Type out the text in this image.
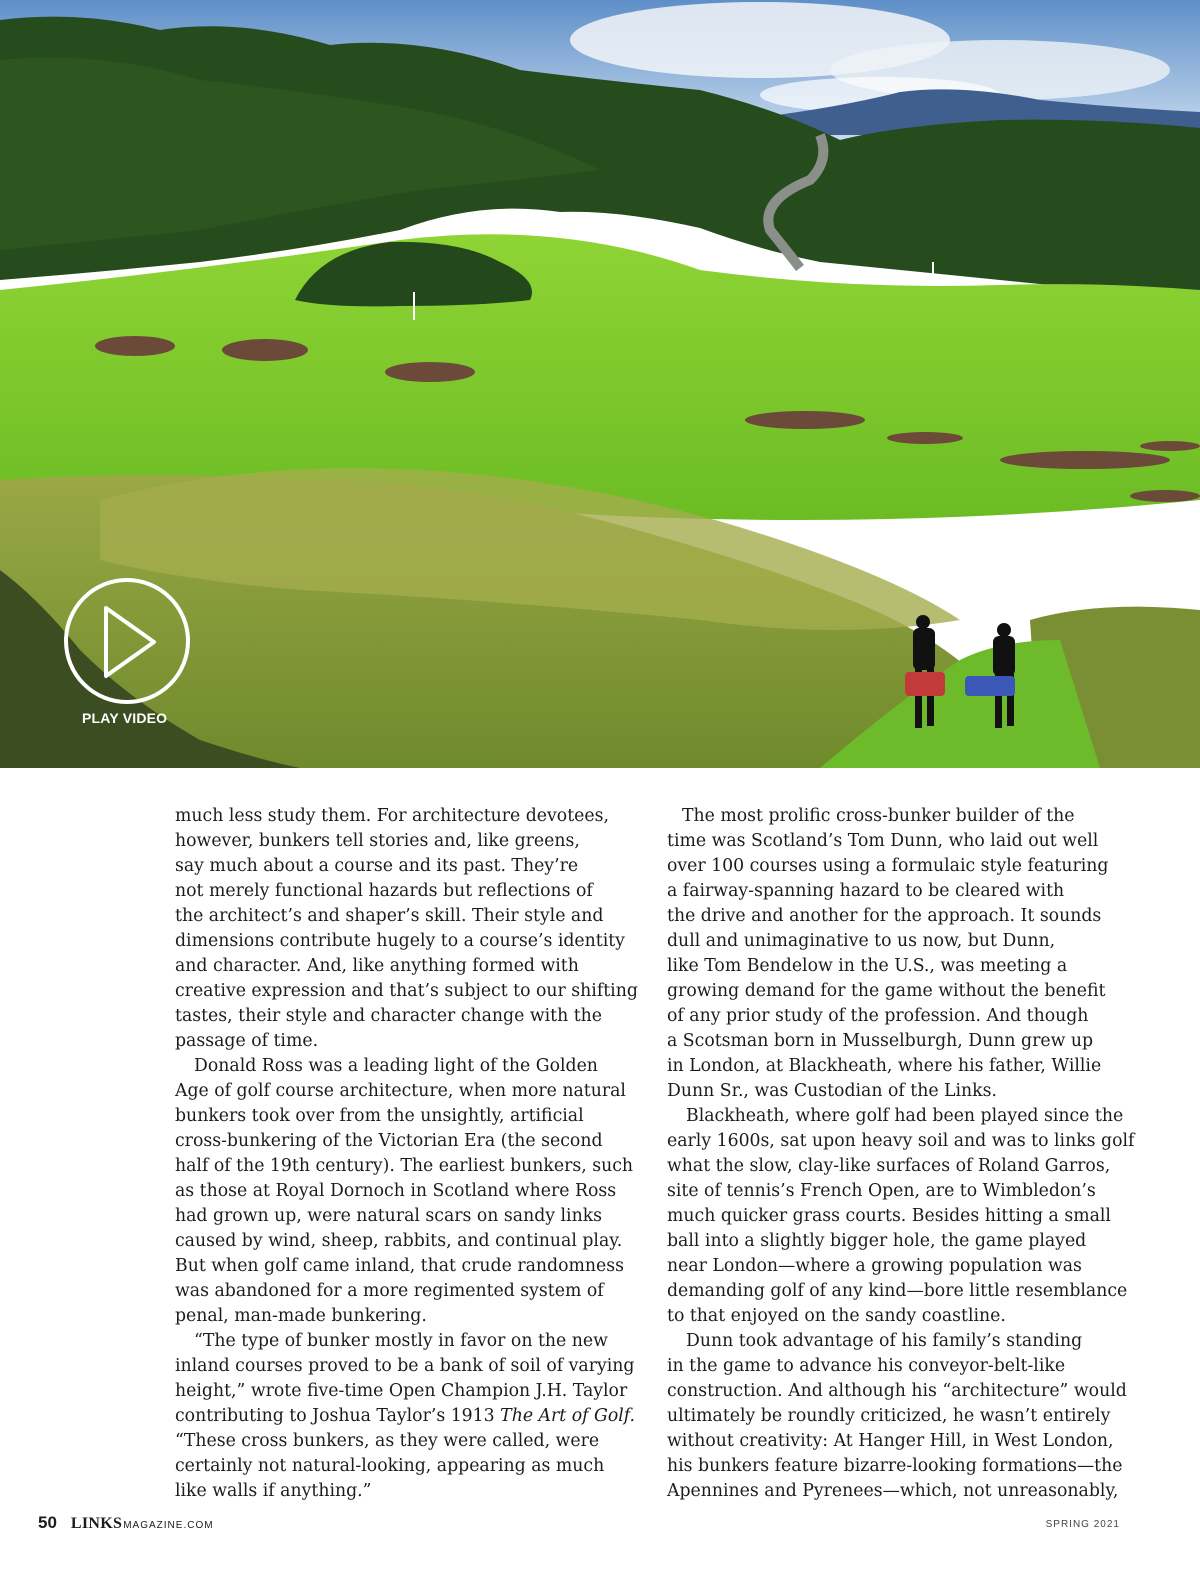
PLAY VIDEO

much less study them. For architecture devotees,
however, bunkers tell stories and, like greens,
say much about a course and its past. They’re
not merely functional hazards but reflections of
the architect’s and shaper’s skill. Their style and
dimensions contribute hugely to a course’s identity
and character. And, like anything formed with
creative expression and that’s subject to our shifting
tastes, their style and character change with the
passage of time.

Donald Ross was a leading light of the Golden
Age of golf course architecture, when more natural
bunkers took over from the unsightly, artificial
cross-bunkering of the Victorian Era (the second
half of the 19th century). The earliest bunkers, such
as those at Royal Dornoch in Scotland where Ross
had grown up, were natural scars on sandy links
caused by wind, sheep, rabbits, and continual play.
But when golf came inland, that crude randomness
was abandoned for a more regimented system of
penal, man-made bunkering.

“The type of bunker mostly in favor on the new
inland courses proved to be a bank of soil of varying
height,” wrote five-time Open Champion J.H. Taylor
contributing to Joshua Taylor’s 1913 The Art of Golf.
“These cross bunkers, as they were called, were
certainly not natural-looking, appearing as much
like walls if anything.”

The most prolific cross-bunker builder of the
time was Scotland’s Tom Dunn, who laid out well
over 100 courses using a formulaic style featuring
a fairway-spanning hazard to be cleared with
the drive and another for the approach. It sounds
dull and unimaginative to us now, but Dunn,
like Tom Bendelow in the U.S., was meeting a
growing demand for the game without the benefit
of any prior study of the profession. And though
a Scotsman born in Musselburgh, Dunn grew up
in London, at Blackheath, where his father, Willie
Dunn Sr., was Custodian of the Links.

Blackheath, where golf had been played since the
early 1600s, sat upon heavy soil and was to links golf
what the slow, clay-like surfaces of Roland Garros,
site of tennis’s French Open, are to Wimbledon’s
much quicker grass courts. Besides hitting a small
ball into a slightly bigger hole, the game played
near London—where a growing population was
demanding golf of any kind—bore little resemblance
to that enjoyed on the sandy coastline.

Dunn took advantage of his family’s standing
in the game to advance his conveyor-belt-like
construction. And although his “architecture” would
ultimately be roundly criticized, he wasn’t entirely
without creativity: At Hanger Hill, in West London,
his bunkers feature bizarre-looking formations—the
Apennines and Pyrenees—which, not unreasonably,

50 LINKSMAGAZINE.COM	SPRING 2021
